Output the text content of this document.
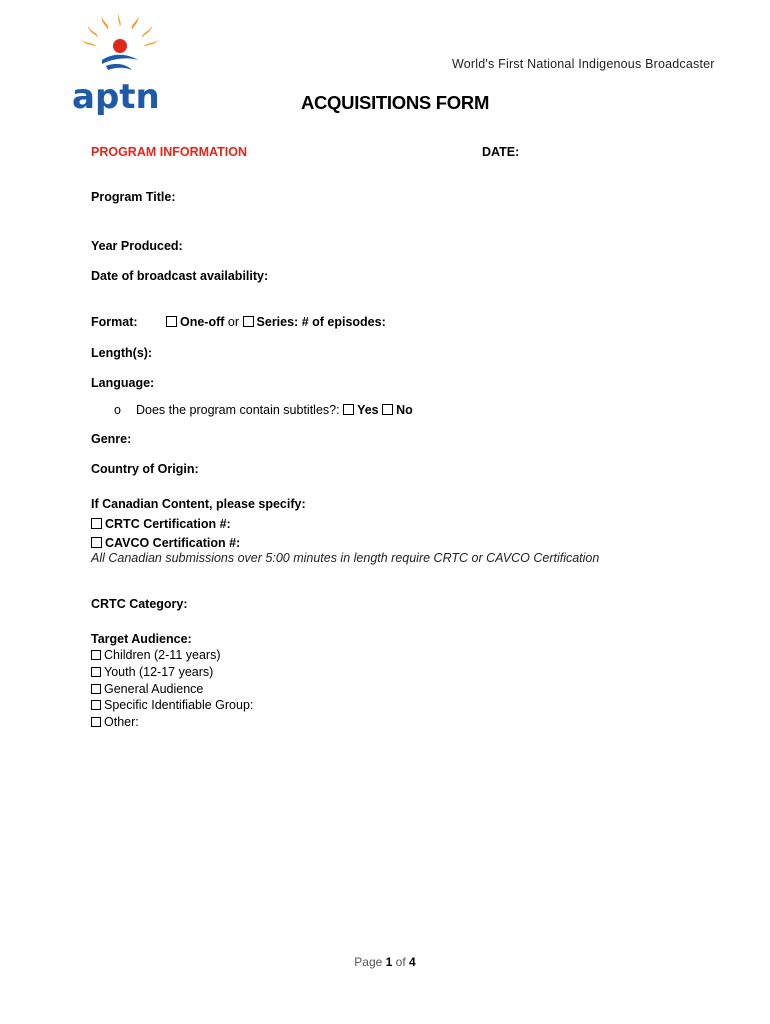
aptn
World's First National Indigenous Broadcaster
ACQUISITIONS FORM
PROGRAM INFORMATION	DATE:
Program Title:
Year Produced:
Date of broadcast availability:
Format:	One-off or Series: # of episodes:
Length(s):
Language:
o Does the program contain subtitles?: Yes No
Genre:
Country of Origin:
If Canadian Content, please specify:
CRTC Certification #:
CAVCO Certification #:
All Canadian submissions over 5:00 minutes in length require CRTC or CAVCO Certification
CRTC Category:
Target Audience:
Children (2-11 years)
Youth (12-17 years)
General Audience
Specific Identifiable Group:
Other:
Page 1 of 4
